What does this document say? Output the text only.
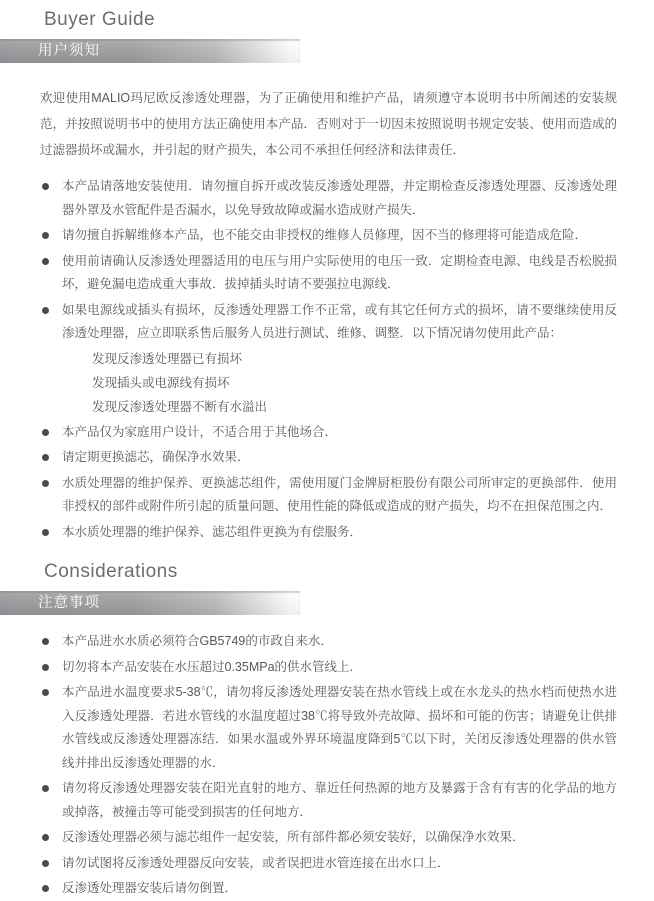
Buyer Guide
用户须知

欢迎使用MALIO玛尼欧反渗透处理器，为了正确使用和维护产品，请须遵守本说明书中所阐述的安装规范，并按照说明书中的使用方法正确使用本产品．否则对于一切因未按照说明书规定安装、使用而造成的过滤器损坏或漏水，并引起的财产损失，本公司不承担任何经济和法律责任．

本产品请落地安装使用．请勿擅自拆开或改装反渗透处理器，并定期检查反渗透处理器、反渗透处理器外罩及水管配件是否漏水，以免导致故障或漏水造成财产损失．
请勿擅自拆解维修本产品，也不能交由非授权的维修人员修理，因不当的修理将可能造成危险．
使用前请确认反渗透处理器适用的电压与用户实际使用的电压一致．定期检查电源、电线是否松脱损坏，避免漏电造成重大事故．拔掉插头时请不要强拉电源线．
如果电源线或插头有损坏，反渗透处理器工作不正常，或有其它任何方式的损坏，请不要继续使用反渗透处理器，应立即联系售后服务人员进行测试、维修、调整．以下情况请勿使用此产品：
发现反渗透处理器已有损坏
发现插头或电源线有损坏
发现反渗透处理器不断有水溢出
本产品仅为家庭用户设计，不适合用于其他场合．
请定期更换滤芯，确保净水效果．
水质处理器的维护保养、更换滤芯组件，需使用厦门金牌厨柜股份有限公司所审定的更换部件．使用非授权的部件或附件所引起的质量问题、使用性能的降低或造成的财产损失，均不在担保范围之内．
本水质处理器的维护保养、滤芯组件更换为有偿服务．
Considerations
注意事项
本产品进水水质必须符合GB5749的市政自来水．
切勿将本产品安装在水压超过0.35MPa的供水管线上．
本产品进水温度要求5-38℃，请勿将反渗透处理器安装在热水管线上或在水龙头的热水档而使热水进入反渗透处理器．若进水管线的水温度超过38℃将导致外壳故障、损坏和可能的伤害；请避免让供排水管线或反渗透处理器冻结．如果水温或外界环境温度降到5℃以下时，关闭反渗透处理器的供水管线并排出反渗透处理器的水．
请勿将反渗透处理器安装在阳光直射的地方、靠近任何热源的地方及暴露于含有有害的化学品的地方或掉落，被撞击等可能受到损害的任何地方．
反渗透处理器必须与滤芯组件一起安装，所有部件都必须安装好，以确保净水效果．
请勿试图将反渗透处理器反向安装，或者误把进水管连接在出水口上．
反渗透处理器安装后请勿倒置．
